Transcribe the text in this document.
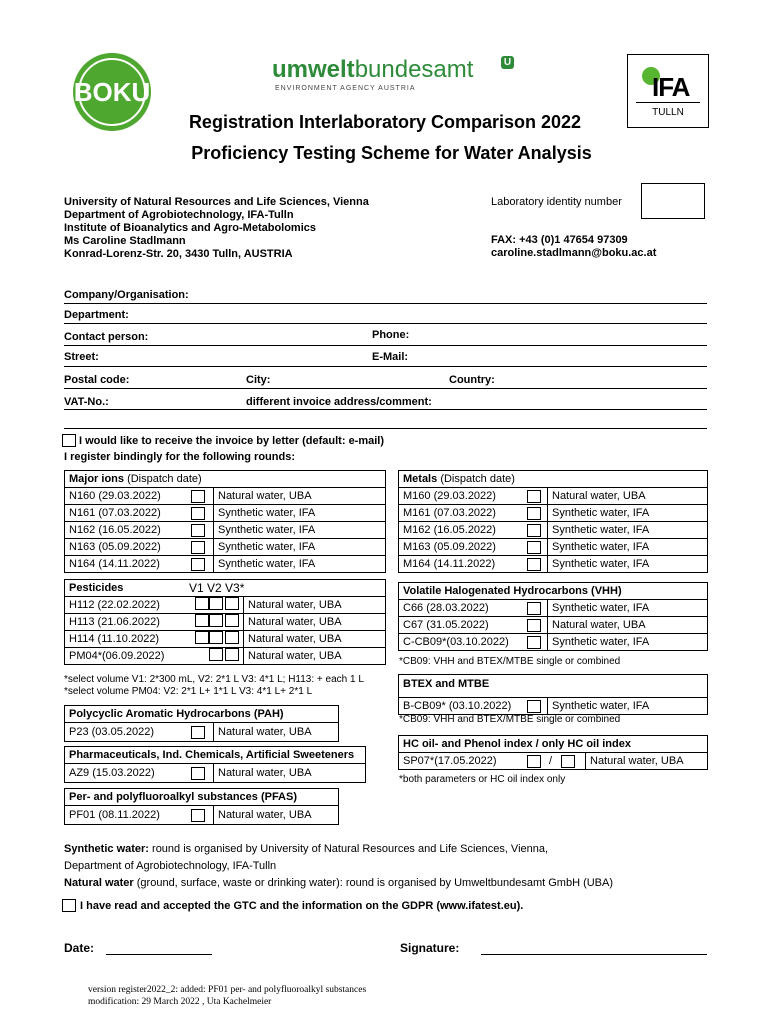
BOKU
umweltbundesamt	U
ENVIRONMENT AGENCY AUSTRIA	IFA
TULLN
Registration Interlaboratory Comparison 2022
Proficiency Testing Scheme for Water Analysis
University of Natural Resources and Life Sciences, Vienna
Department of Agrobiotechnology, IFA-Tulln
Institute of Bioanalytics and Agro-Metabolomics
Ms Caroline Stadlmann
Konrad-Lorenz-Str. 20, 3430 Tulln, AUSTRIA
Laboratory identity number
FAX: +43 (0)1 47654 97309
caroline.stadlmann@boku.ac.at
Company/Organisation:
Department:
Contact person:	Phone:
Street:	E-Mail:
Postal code:	City:	Country:
VAT-No.:	different invoice address/comment:
I would like to receive the invoice by letter (default: e-mail)
I register bindingly for the following rounds:
Major ions (Dispatch date)		
N160 (29.03.2022)		Natural water, UBA
N161 (07.03.2022)		Synthetic water, IFA
N162 (16.05.2022)		Synthetic water, IFA
N163 (05.09.2022)		Synthetic water, IFA
N164 (14.11.2022)		Synthetic water, IFA
Metals (Dispatch date)		
M160 (29.03.2022)		Natural water, UBA
M161 (07.03.2022)		Synthetic water, IFA
M162 (16.05.2022)		Synthetic water, IFA
M163 (05.09.2022)		Synthetic water, IFA
M164 (14.11.2022)		Synthetic water, IFA
Pesticides	V1 V2 V3*	
H112 (22.02.2022)		Natural water, UBA
H113 (21.06.2022)		Natural water, UBA
H114 (11.10.2022)		Natural water, UBA
PM04*(06.09.2022)		Natural water, UBA
*select volume V1: 2*300 mL, V2: 2*1 L V3: 4*1 L; H113: + each 1 L
*select volume PM04: V2: 2*1 L+ 1*1 L V3: 4*1 L+ 2*1 L
Volatile Halogenated Hydrocarbons (VHH)		
C66 (28.03.2022)		Synthetic water, IFA
C67 (31.05.2022)		Natural water, UBA
C-CB09*(03.10.2022)		Synthetic water, IFA
*CB09: VHH and BTEX/MTBE single or combined
BTEX and MTBE

B-CB09* (03.10.2022)		Synthetic water, IFA
*CB09: VHH and BTEX/MTBE single or combined
Polycyclic Aromatic Hydrocarbons (PAH)
P23 (03.05.2022)		Natural water, UBA
Pharmaceuticals, Ind. Chemicals, Artificial Sweeteners
AZ9 (15.03.2022)		Natural water, UBA
HC oil- and Phenol index / only HC oil index
SP07*(17.05.2022)		/		Natural water, UBA
*both parameters or HC oil index only
Per- and polyfluoroalkyl substances (PFAS)
PF01 (08.11.2022)		Natural water, UBA
Synthetic water: round is organised by University of Natural Resources and Life Sciences, Vienna,
Department of Agrobiotechnology, IFA-Tulln
Natural water (ground, surface, waste or drinking water): round is organised by Umweltbundesamt GmbH (UBA)
I have read and accepted the GTC and the information on the GDPR (www.ifatest.eu).
Date:	Signature:
version register2022_2: added: PF01 per- and polyfluoroalkyl substances
modification: 29 March 2022 , Uta Kachelmeier
